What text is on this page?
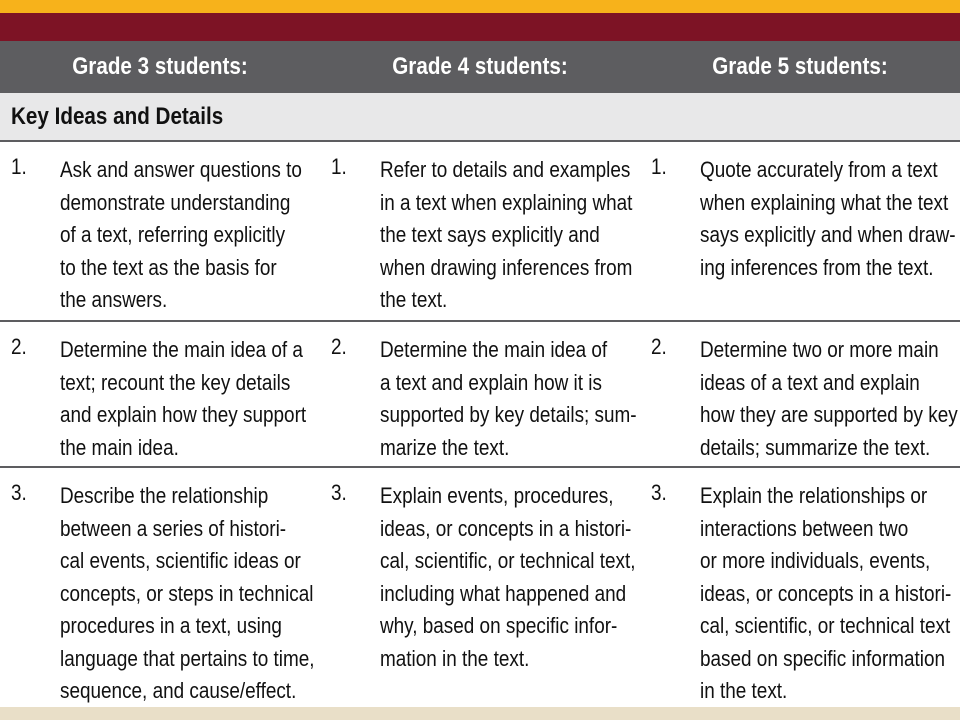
Grade 3 students:	Grade 4 students:	Grade 5 students:
Key Ideas and Details
1. Ask and answer questions to
demonstrate understanding
of a text, referring explicitly
to the text as the basis for
the answers.
1. Refer to details and examples
in a text when explaining what
the text says explicitly and
when drawing inferences from
the text.
1. Quote accurately from a text
when explaining what the text
says explicitly and when draw-
ing inferences from the text.
2. Determine the main idea of a
text; recount the key details
and explain how they support
the main idea.
2. Determine the main idea of
a text and explain how it is
supported by key details; sum-
marize the text.
2. Determine two or more main
ideas of a text and explain
how they are supported by key
details; summarize the text.
3. Describe the relationship
between a series of histori-
cal events, scientific ideas or
concepts, or steps in technical
procedures in a text, using
language that pertains to time,
sequence, and cause/effect.
3. Explain events, procedures,
ideas, or concepts in a histori-
cal, scientific, or technical text,
including what happened and
why, based on specific infor-
mation in the text.
3. Explain the relationships or
interactions between two
or more individuals, events,
ideas, or concepts in a histori-
cal, scientific, or technical text
based on specific information
in the text.
